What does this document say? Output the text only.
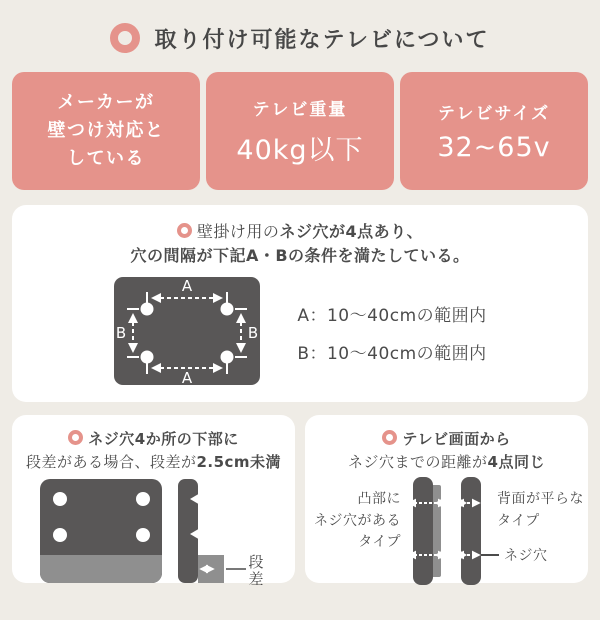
取り付け可能なテレビについて
メーカーが
壁つけ対応と
している
テレビ重量
40kg以下
テレビサイズ
32~65v
壁掛け用のネジ穴が4点あり、
穴の間隔が下記A・Bの条件を満たしている。
A
A
B	B
A：10〜40cmの範囲内
B：10〜40cmの範囲内
ネジ穴4か所の下部に
段差がある場合、段差が2.5cm未満
段
差
テレビ画面から
ネジ穴までの距離が4点同じ
凸部に
ネジ穴がある
タイプ
背面が平らな
タイプ
ネジ穴
